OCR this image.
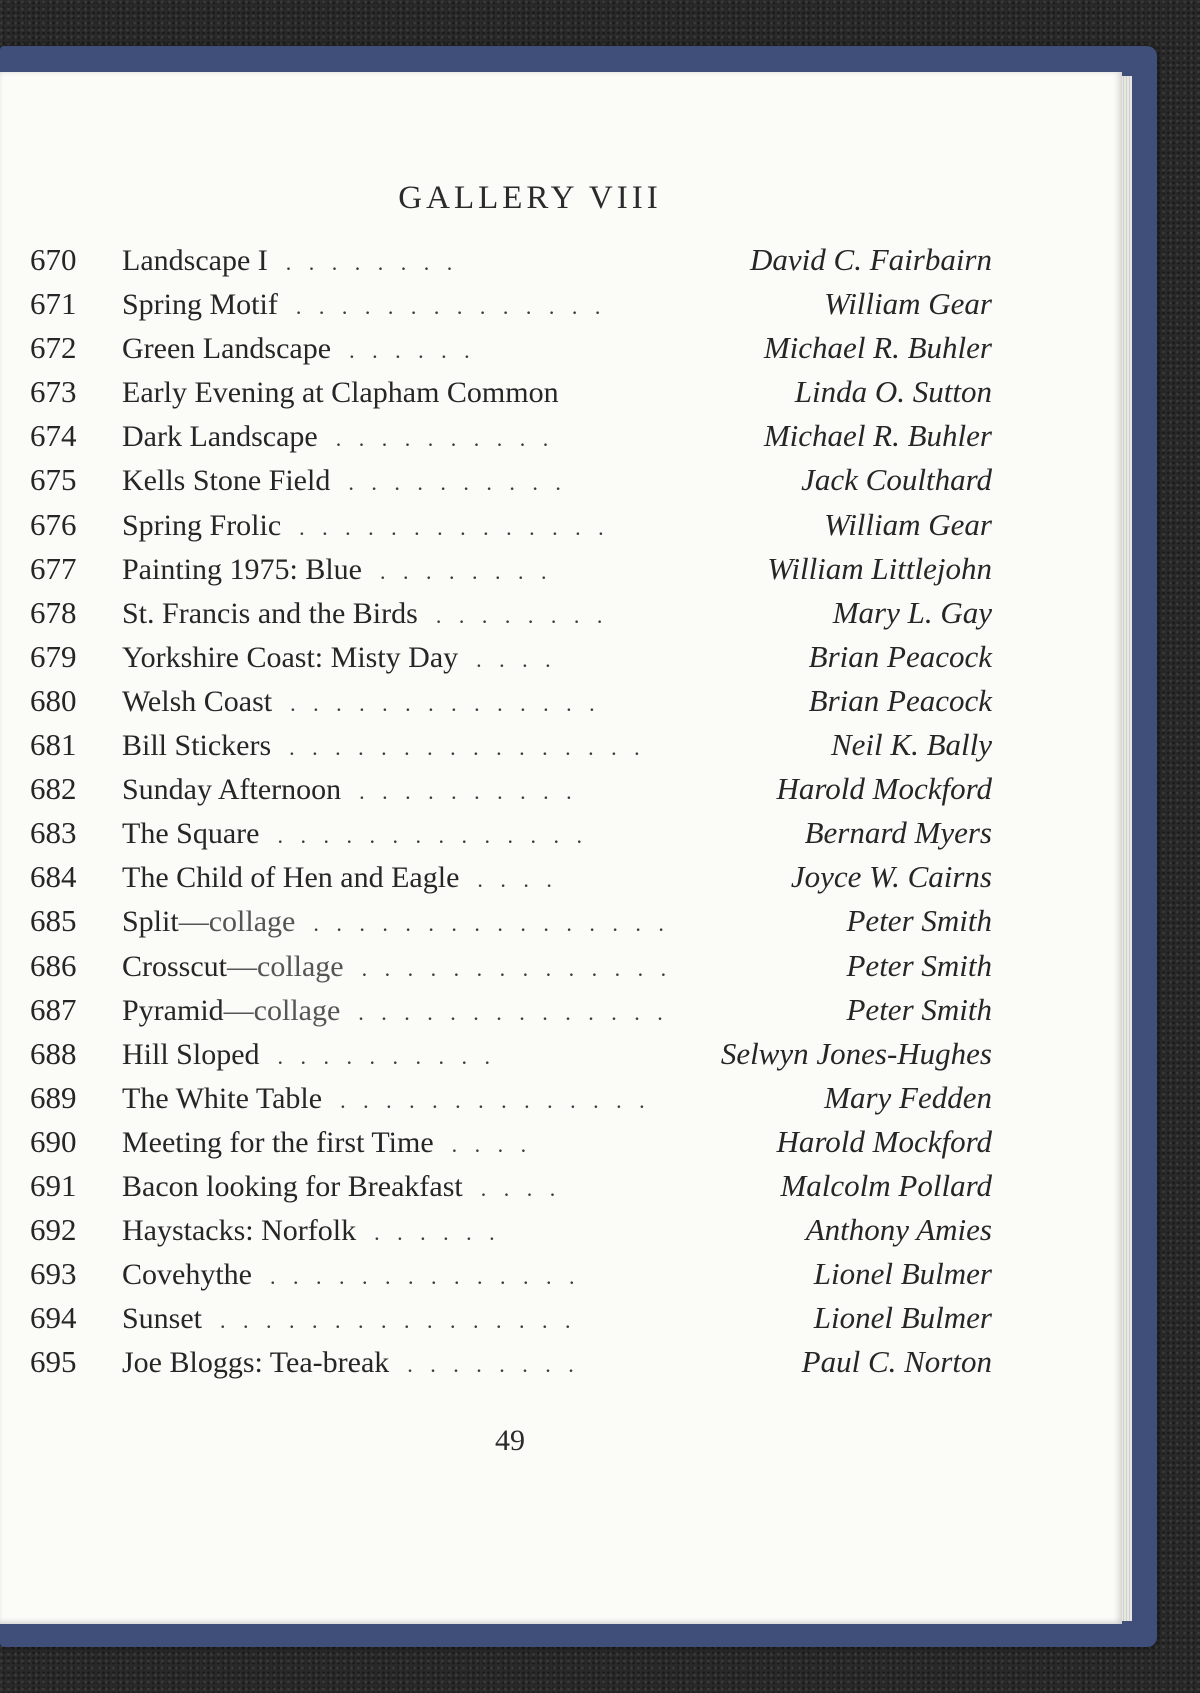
GALLERY VIII
670	Landscape I . . . . . . . .	David C. Fairbairn
671	Spring Motif . . . . . . . . . . . . . .	William Gear
672	Green Landscape . . . . . .	Michael R. Buhler
673	Early Evening at Clapham Common	Linda O. Sutton
674	Dark Landscape . . . . . . . . . .	Michael R. Buhler
675	Kells Stone Field . . . . . . . . . .	Jack Coulthard
676	Spring Frolic . . . . . . . . . . . . . .	William Gear
677	Painting 1975: Blue . . . . . . . .	William Littlejohn
678	St. Francis and the Birds . . . . . . . .	Mary L. Gay
679	Yorkshire Coast: Misty Day . . . .	Brian Peacock
680	Welsh Coast . . . . . . . . . . . . . .	Brian Peacock
681	Bill Stickers . . . . . . . . . . . . . . . .	Neil K. Bally
682	Sunday Afternoon . . . . . . . . . .	Harold Mockford
683	The Square . . . . . . . . . . . . . .	Bernard Myers
684	The Child of Hen and Eagle . . . .	Joyce W. Cairns
685	Split —collage . . . . . . . . . . . . . . . .	Peter Smith
686	Crosscut —collage . . . . . . . . . . . . . .	Peter Smith
687	Pyramid —collage . . . . . . . . . . . . . .	Peter Smith
688	Hill Sloped . . . . . . . . . .	Selwyn Jones-Hughes
689	The White Table . . . . . . . . . . . . . .	Mary Fedden
690	Meeting for the first Time . . . .	Harold Mockford
691	Bacon looking for Breakfast . . . .	Malcolm Pollard
692	Haystacks: Norfolk . . . . . .	Anthony Amies
693	Covehythe . . . . . . . . . . . . . .	Lionel Bulmer
694	Sunset . . . . . . . . . . . . . . . .	Lionel Bulmer
695	Joe Bloggs: Tea-break . . . . . . . .	Paul C. Norton
49
